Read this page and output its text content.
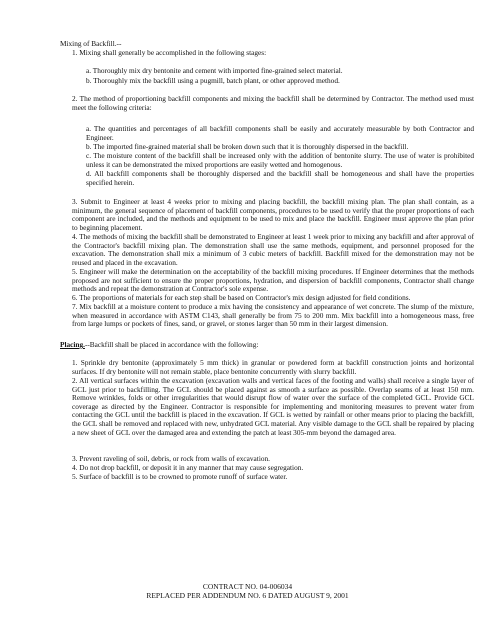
Mixing of Backfill.--

1. Mixing shall generally be accomplished in the following stages:

a. Thoroughly mix dry bentonite and cement with imported fine-grained select material.

b. Thoroughly mix the backfill using a pugmill, batch plant, or other approved method.

2. The method of proportioning backfill components and mixing the backfill shall be determined by Contractor. The method used must meet the following criteria:

a. The quantities and percentages of all backfill components shall be easily and accurately measurable by both Contractor and Engineer.

b. The imported fine-grained material shall be broken down such that it is thoroughly dispersed in the backfill.

c. The moisture content of the backfill shall be increased only with the addition of bentonite slurry. The use of water is prohibited unless it can be demonstrated the mixed proportions are easily wetted and homogenous.

d. All backfill components shall be thoroughly dispersed and the backfill shall be homogeneous and shall have the properties specified herein.

3. Submit to Engineer at least 4 weeks prior to mixing and placing backfill, the backfill mixing plan. The plan shall contain, as a minimum, the general sequence of placement of backfill components, procedures to be used to verify that the proper proportions of each component are included, and the methods and equipment to be used to mix and place the backfill. Engineer must approve the plan prior to beginning placement.

4. The methods of mixing the backfill shall be demonstrated to Engineer at least 1 week prior to mixing any backfill and after approval of the Contractor's backfill mixing plan. The demonstration shall use the same methods, equipment, and personnel proposed for the excavation. The demonstration shall mix a minimum of 3 cubic meters of backfill. Backfill mixed for the demonstration may not be reused and placed in the excavation.

5. Engineer will make the determination on the acceptability of the backfill mixing procedures. If Engineer determines that the methods proposed are not sufficient to ensure the proper proportions, hydration, and dispersion of backfill components, Contractor shall change methods and repeat the demonstration at Contractor's sole expense.

6. The proportions of materials for each step shall be based on Contractor's mix design adjusted for field conditions.

7. Mix backfill at a moisture content to produce a mix having the consistency and appearance of wet concrete. The slump of the mixture, when measured in accordance with ASTM C143, shall generally be from 75 to 200 mm. Mix backfill into a homogeneous mass, free from large lumps or pockets of fines, sand, or gravel, or stones larger than 50 mm in their largest dimension.

Placing.--Backfill shall be placed in accordance with the following:

1. Sprinkle dry bentonite (approximately 5 mm thick) in granular or powdered form at backfill construction joints and horizontal surfaces. If dry bentonite will not remain stable, place bentonite concurrently with slurry backfill.

2. All vertical surfaces within the excavation (excavation walls and vertical faces of the footing and walls) shall receive a single layer of GCL just prior to backfilling. The GCL should be placed against as smooth a surface as possible. Overlap seams of at least 150 mm. Remove wrinkles, folds or other irregularities that would disrupt flow of water over the surface of the completed GCL. Provide GCL coverage as directed by the Engineer. Contractor is responsible for implementing and monitoring measures to prevent water from contacting the GCL until the backfill is placed in the excavation. If GCL is wetted by rainfall or other means prior to placing the backfill, the GCL shall be removed and replaced with new, unhydrated GCL material. Any visible damage to the GCL shall be repaired by placing a new sheet of GCL over the damaged area and extending the patch at least 305-mm beyond the damaged area.

3. Prevent raveling of soil, debris, or rock from walls of excavation.

4. Do not drop backfill, or deposit it in any manner that may cause segregation.

5. Surface of backfill is to be crowned to promote runoff of surface water.

CONTRACT NO. 04-006034
REPLACED PER ADDENDUM NO. 6 DATED AUGUST 9, 2001
